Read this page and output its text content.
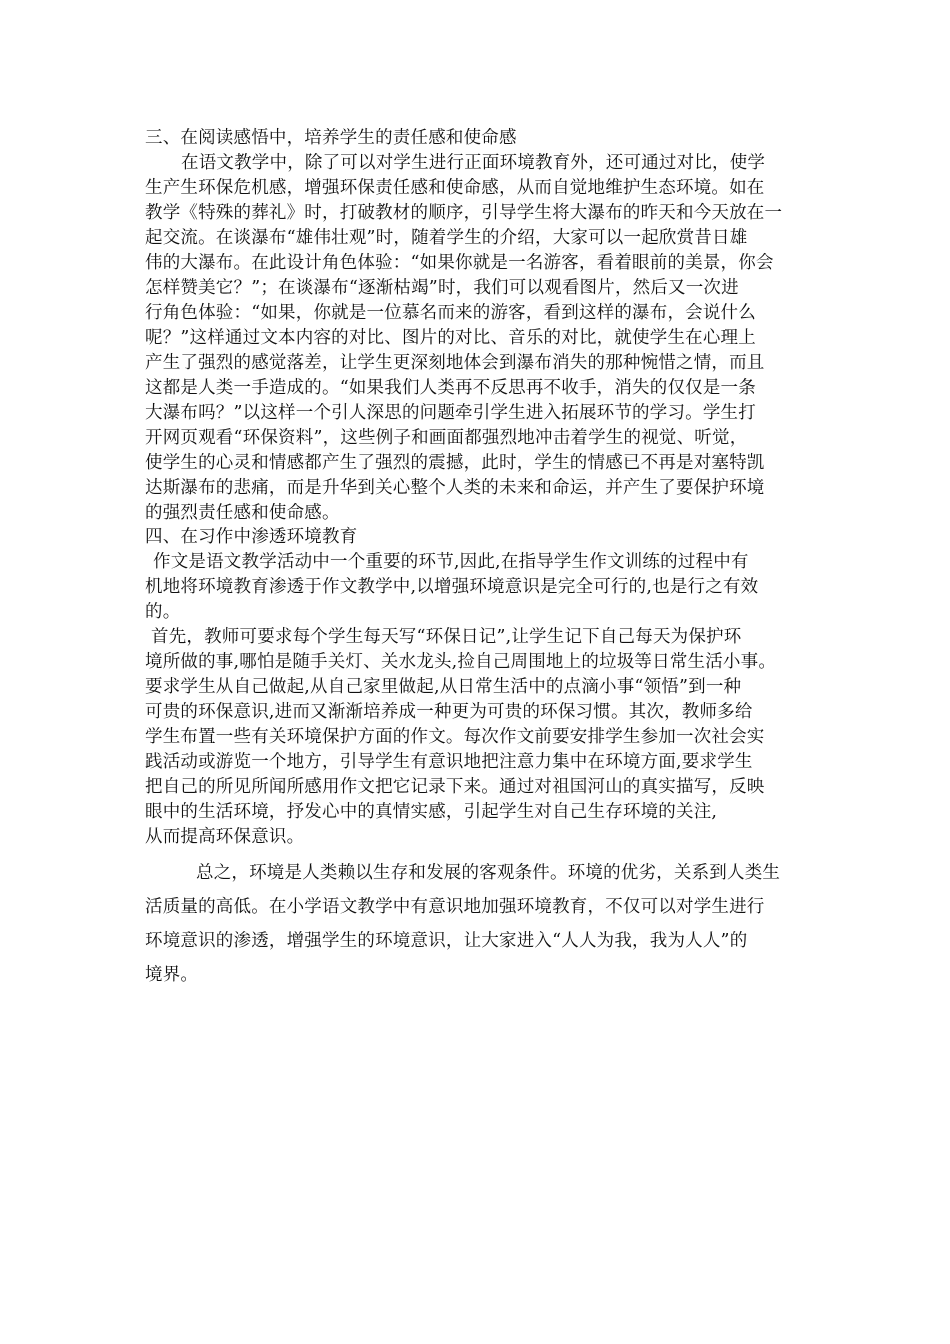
三、在阅读感悟中，培养学生的责任感和使命感
在语文教学中，除了可以对学生进行正面环境教育外，还可通过对比，使学
生产生环保危机感，增强环保责任感和使命感，从而自觉地维护生态环境。如在
教学《特殊的葬礼》时，打破教材的顺序，引导学生将大瀑布的昨天和今天放在一
起交流。在谈瀑布“雄伟壮观”时，随着学生的介绍，大家可以一起欣赏昔日雄
伟的大瀑布。在此设计角色体验：“如果你就是一名游客，看着眼前的美景，你会
怎样赞美它？”；在谈瀑布“逐渐枯竭”时，我们可以观看图片，然后又一次进
行角色体验：“如果，你就是一位慕名而来的游客，看到这样的瀑布，会说什么
呢？”这样通过文本内容的对比、图片的对比、音乐的对比，就使学生在心理上
产生了强烈的感觉落差，让学生更深刻地体会到瀑布消失的那种惋惜之情，而且
这都是人类一手造成的。“如果我们人类再不反思再不收手，消失的仅仅是一条
大瀑布吗？”以这样一个引人深思的问题牵引学生进入拓展环节的学习。学生打
开网页观看“环保资料”，这些例子和画面都强烈地冲击着学生的视觉、听觉，
使学生的心灵和情感都产生了强烈的震撼，此时，学生的情感已不再是对塞特凯
达斯瀑布的悲痛，而是升华到关心整个人类的未来和命运，并产生了要保护环境
的强烈责任感和使命感。
四、在习作中渗透环境教育
作文是语文教学活动中一个重要的环节,因此,在指导学生作文训练的过程中有
机地将环境教育渗透于作文教学中,以增强环境意识是完全可行的,也是行之有效
的。
首先，教师可要求每个学生每天写“环保日记”,让学生记下自己每天为保护环
境所做的事,哪怕是随手关灯、关水龙头,捡自己周围地上的垃圾等日常生活小事。
要求学生从自己做起,从自己家里做起,从日常生活中的点滴小事“领悟”到一种
可贵的环保意识,进而又渐渐培养成一种更为可贵的环保习惯。其次，教师多给
学生布置一些有关环境保护方面的作文。每次作文前要安排学生参加一次社会实
践活动或游览一个地方，引导学生有意识地把注意力集中在环境方面,要求学生
把自己的所见所闻所感用作文把它记录下来。通过对祖国河山的真实描写，反映
眼中的生活环境，抒发心中的真情实感，引起学生对自己生存环境的关注,
从而提高环保意识。
总之，环境是人类赖以生存和发展的客观条件。环境的优劣，关系到人类生
活质量的高低。在小学语文教学中有意识地加强环境教育，不仅可以对学生进行
环境意识的渗透，增强学生的环境意识，让大家进入“人人为我，我为人人”的
境界。
